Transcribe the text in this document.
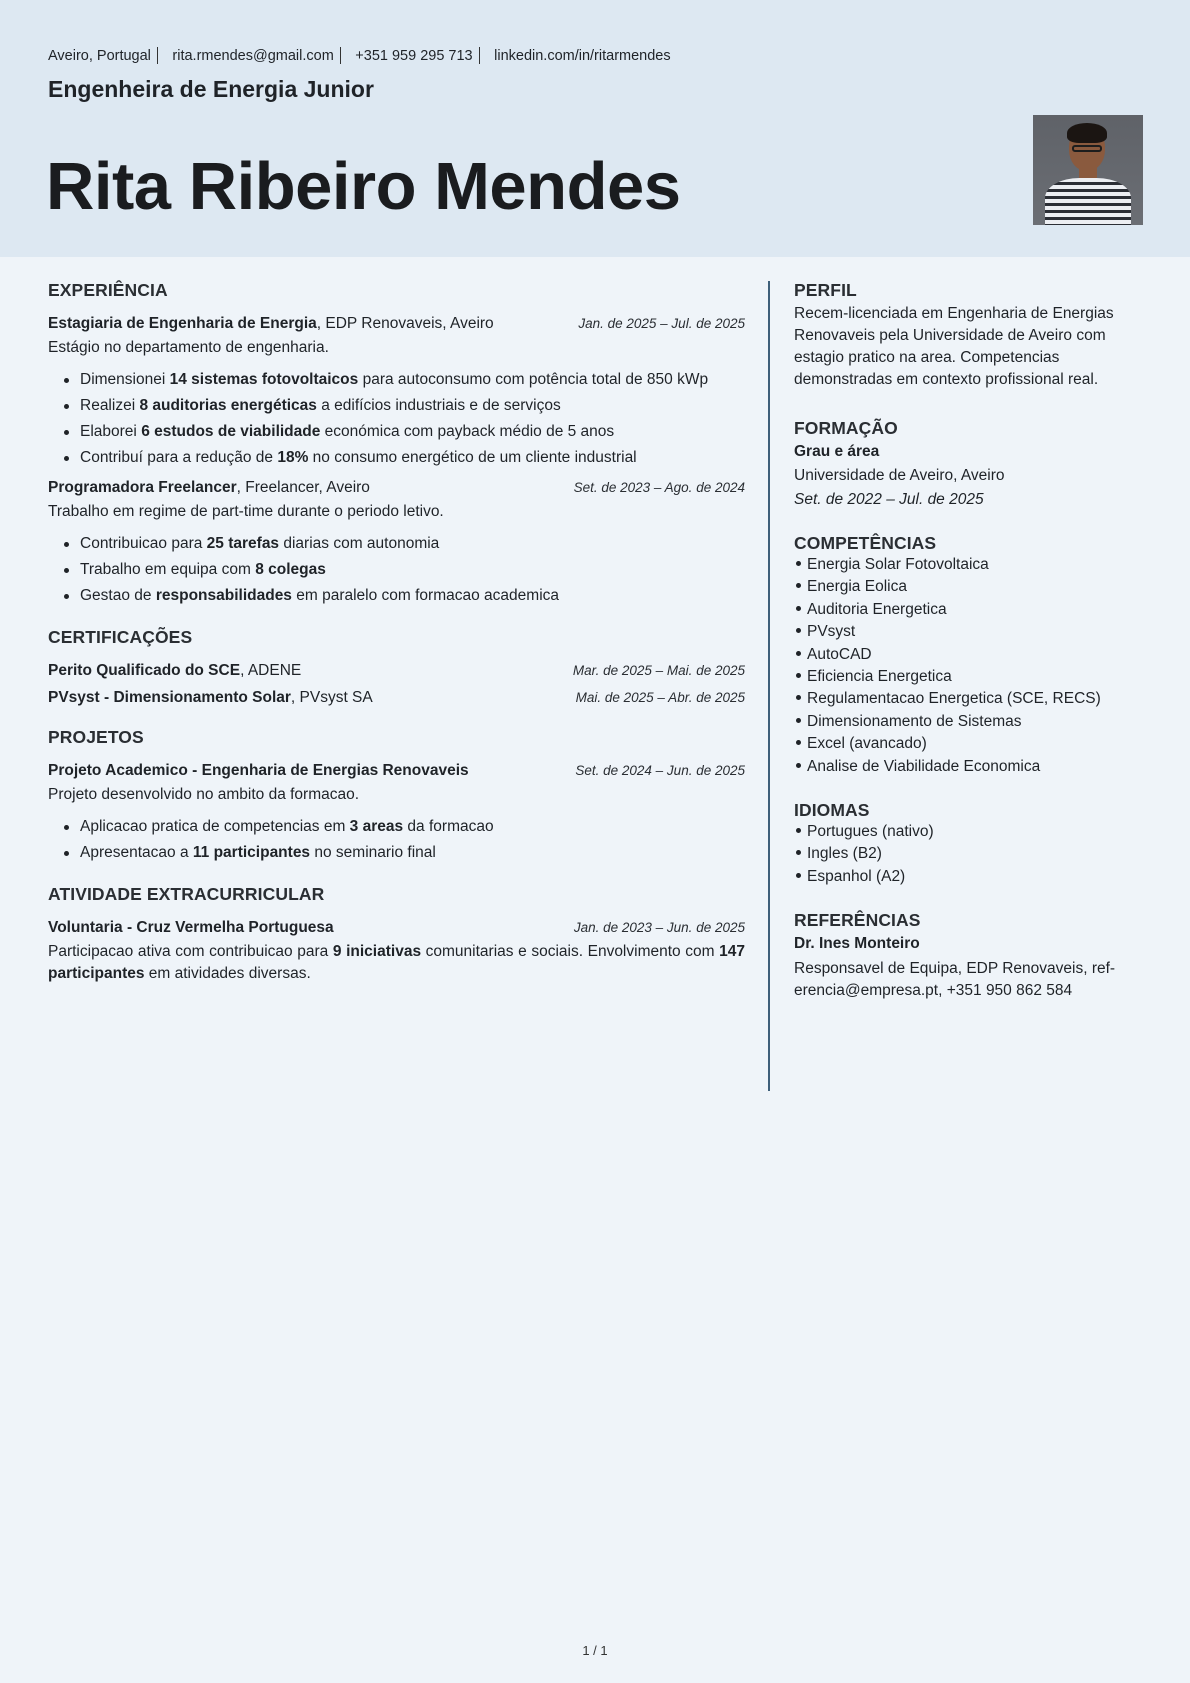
Aveiro, Portugal rita.rmendes@gmail.com +351 959 295 713 linkedin.com/in/ritarmendes
Engenheira de Energia Junior
Rita Ribeiro Mendes
EXPERIÊNCIA
Estagiaria de Engenharia de Energia, EDP Renovaveis, Aveiro	Jan. de 2025 – Jul. de 2025
Estágio no departamento de engenharia.
Dimensionei 14 sistemas fotovoltaicos para autoconsumo com potência total de 850 kWp
Realizei 8 auditorias energéticas a edifícios industriais e de serviços
Elaborei 6 estudos de viabilidade económica com payback médio de 5 anos
Contribuí para a redução de 18% no consumo energético de um cliente industrial
Programadora Freelancer, Freelancer, Aveiro	Set. de 2023 – Ago. de 2024
Trabalho em regime de part-time durante o periodo letivo.
Contribuicao para 25 tarefas diarias com autonomia
Trabalho em equipa com 8 colegas
Gestao de responsabilidades em paralelo com formacao academica
CERTIFICAÇÕES
Perito Qualificado do SCE, ADENE	Mar. de 2025 – Mai. de 2025
PVsyst - Dimensionamento Solar, PVsyst SA	Mai. de 2025 – Abr. de 2025
PROJETOS
Projeto Academico - Engenharia de Energias Renovaveis	Set. de 2024 – Jun. de 2025
Projeto desenvolvido no ambito da formacao.
Aplicacao pratica de competencias em 3 areas da formacao
Apresentacao a 11 participantes no seminario final
ATIVIDADE EXTRACURRICULAR
Voluntaria - Cruz Vermelha Portuguesa	Jan. de 2023 – Jun. de 2025
Participacao ativa com contribuicao para 9 iniciativas comunitarias e sociais. Envolvimento com 147 participantes em atividades diversas.
PERFIL
Recem-licenciada em Engenharia de Energias Renovaveis pela Universidade de Aveiro com estagio pratico na area. Competencias demonstradas em contexto profissional real.
FORMAÇÃO
Grau e área
Universidade de Aveiro, Aveiro
Set. de 2022 – Jul. de 2025
COMPETÊNCIAS
Energia Solar Fotovoltaica
Energia Eolica
Auditoria Energetica
PVsyst
AutoCAD
Eficiencia Energetica
Regulamentacao Energetica (SCE, RECS)
Dimensionamento de Sistemas
Excel (avancado)
Analise de Viabilidade Economica
IDIOMAS
Portugues (nativo)
Ingles (B2)
Espanhol (A2)
REFERÊNCIAS
Dr. Ines Monteiro
Responsavel de Equipa, EDP Renovaveis, ref-erencia@empresa.pt, +351 950 862 584
1 / 1
